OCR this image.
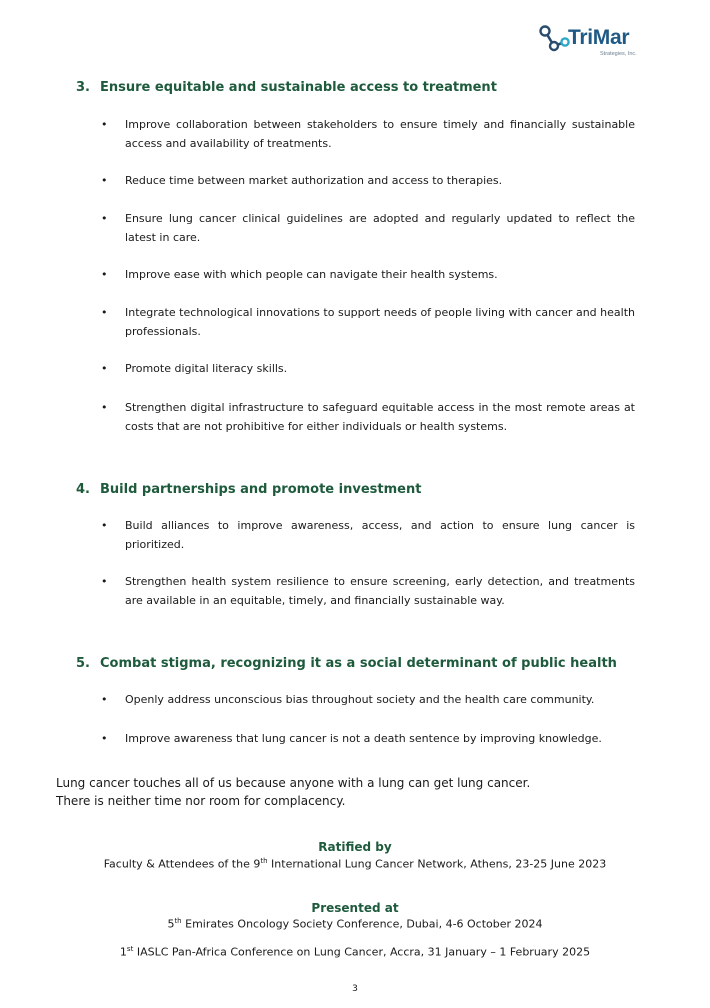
TriMar
Strategies, Inc.
3. Ensure equitable and sustainable access to treatment
• Improve collaboration between stakeholders to ensure timely and financially sustainable access and availability of treatments.
• Reduce time between market authorization and access to therapies.
• Ensure lung cancer clinical guidelines are adopted and regularly updated to reflect the latest in care.
• Improve ease with which people can navigate their health systems.
• Integrate technological innovations to support needs of people living with cancer and health professionals.
• Promote digital literacy skills.
• Strengthen digital infrastructure to safeguard equitable access in the most remote areas at costs that are not prohibitive for either individuals or health systems.
4. Build partnerships and promote investment
• Build alliances to improve awareness, access, and action to ensure lung cancer is prioritized.
• Strengthen health system resilience to ensure screening, early detection, and treatments are available in an equitable, timely, and financially sustainable way.
5. Combat stigma, recognizing it as a social determinant of public health
• Openly address unconscious bias throughout society and the health care community.
• Improve awareness that lung cancer is not a death sentence by improving knowledge.
Lung cancer touches all of us because anyone with a lung can get lung cancer.
There is neither time nor room for complacency.
Ratified by
Faculty & Attendees of the 9th International Lung Cancer Network, Athens, 23-25 June 2023
Presented at
5th Emirates Oncology Society Conference, Dubai, 4-6 October 2024
1st IASLC Pan-Africa Conference on Lung Cancer, Accra, 31 January – 1 February 2025
3
